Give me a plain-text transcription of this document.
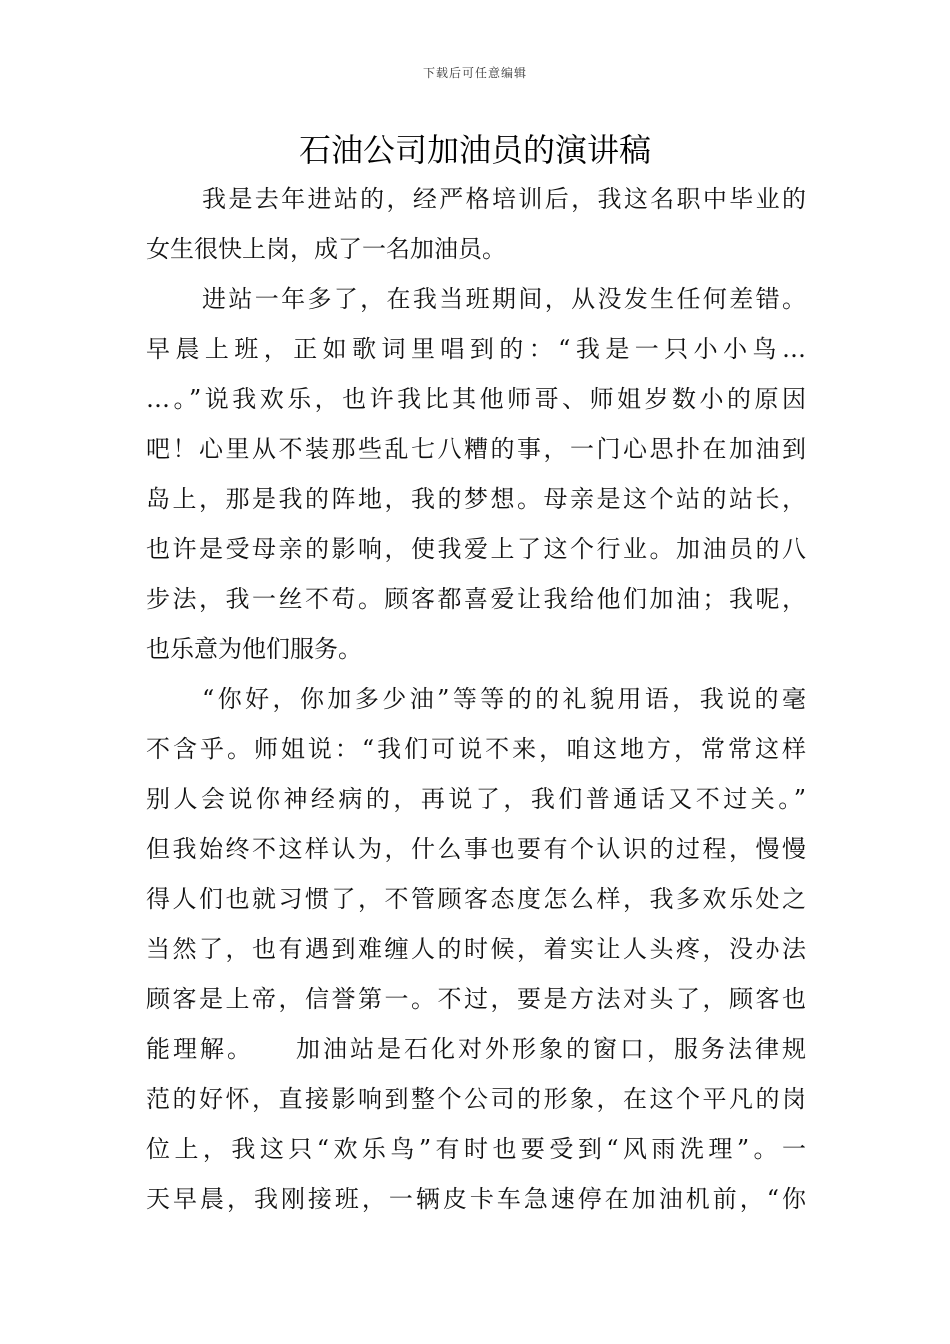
下载后可任意编辑
石油公司加油员的演讲稿
我是去年进站的，经严格培训后，我这名职中毕业的
女生很快上岗，成了一名加油员。
进站一年多了，在我当班期间，从没发生任何差错。
早晨上班，正如歌词里唱到的：“我是一只小小鸟…
…。”说我欢乐，也许我比其他师哥、师姐岁数小的原因
吧！心里从不装那些乱七八糟的事，一门心思扑在加油到
岛上，那是我的阵地，我的梦想。母亲是这个站的站长，
也许是受母亲的影响，使我爱上了这个行业。加油员的八
步法，我一丝不苟。顾客都喜爱让我给他们加油；我呢，
也乐意为他们服务。
“你好，你加多少油”等等的的礼貌用语，我说的毫
不含乎。师姐说：“我们可说不来，咱这地方，常常这样
别人会说你神经病的，再说了，我们普通话又不过关。”
但我始终不这样认为，什么事也要有个认识的过程，慢慢
得人们也就习惯了，不管顾客态度怎么样，我多欢乐处之
当然了，也有遇到难缠人的时候，着实让人头疼，没办法
顾客是上帝，信誉第一。不过，要是方法对头了，顾客也
能理解。　　加油站是石化对外形象的窗口，服务法律规
范的好怀，直接影响到整个公司的形象，在这个平凡的岗
位上，我这只“欢乐鸟”有时也要受到“风雨洗理”。一
天早晨，我刚接班，一辆皮卡车急速停在加油机前，“你
